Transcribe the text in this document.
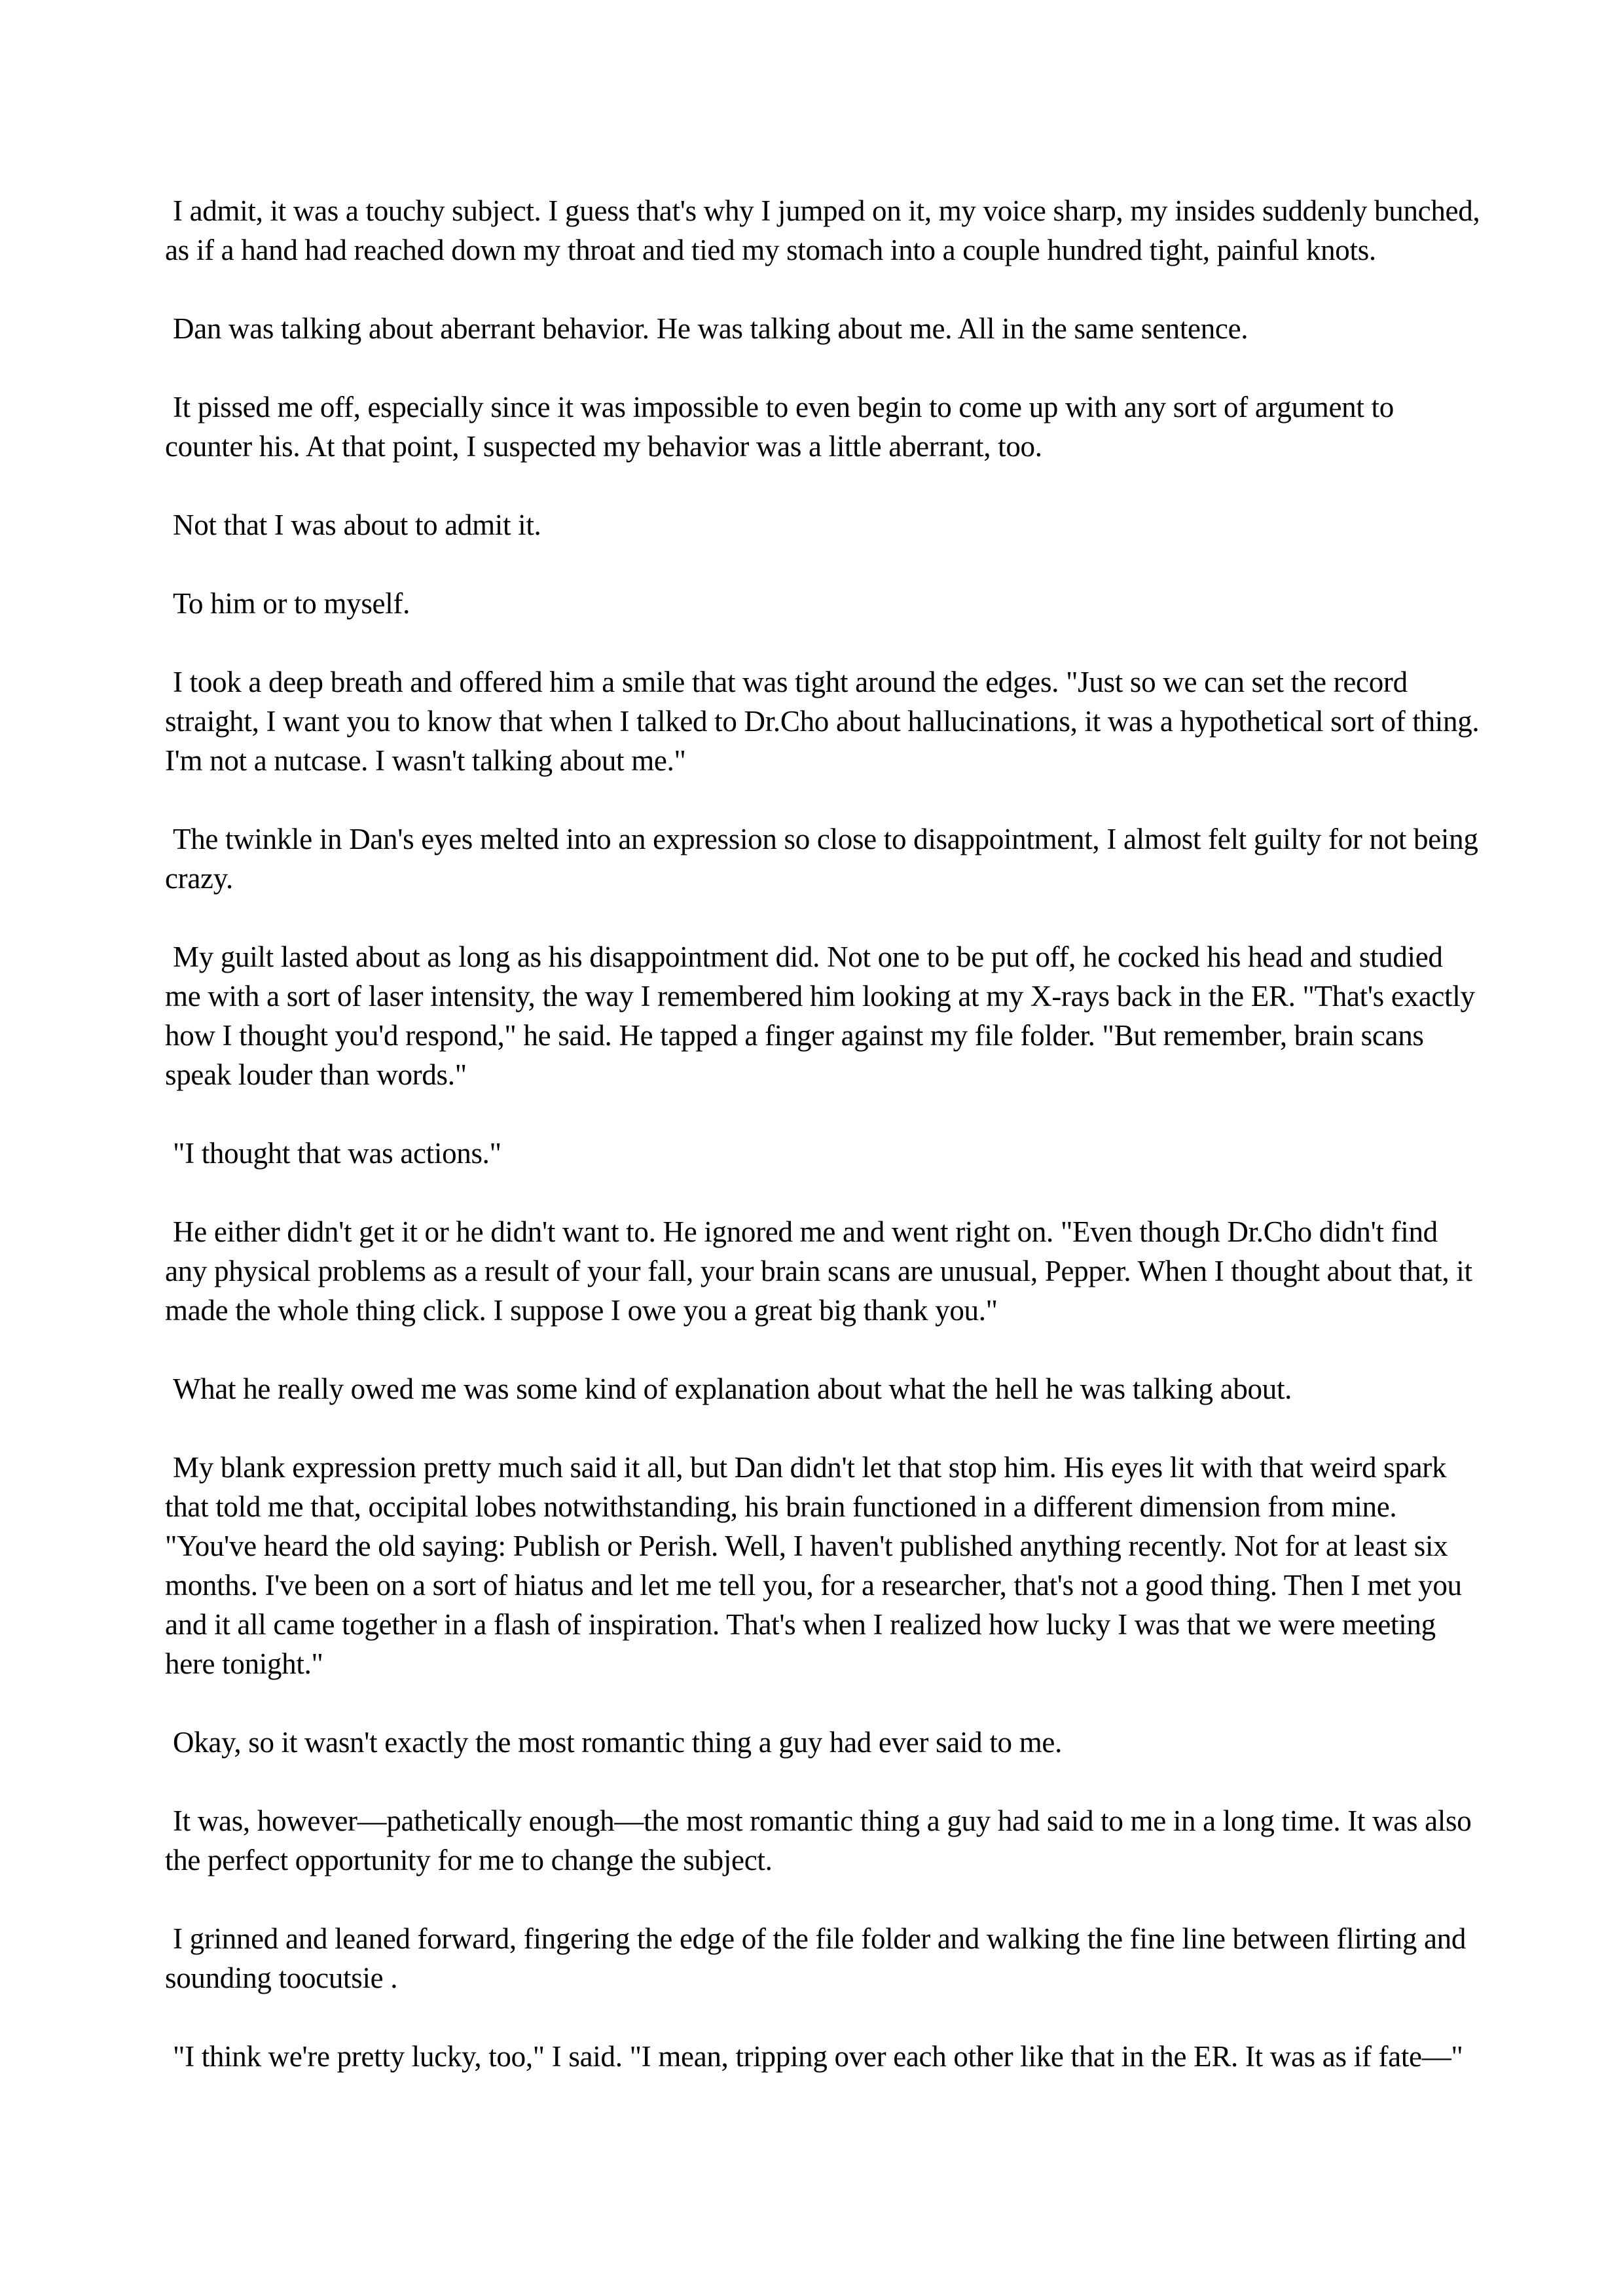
I admit, it was a touchy subject. I guess that's why I jumped on it, my voice sharp, my insides suddenly bunched, as if a hand had reached down my throat and tied my stomach into a couple hundred tight, painful knots.

Dan was talking about aberrant behavior. He was talking about me. All in the same sentence.

It pissed me off, especially since it was impossible to even begin to come up with any sort of argument to counter his. At that point, I suspected my behavior was a little aberrant, too.

Not that I was about to admit it.

To him or to myself.

I took a deep breath and offered him a smile that was tight around the edges. "Just so we can set the record straight, I want you to know that when I talked to Dr.Cho about hallucinations, it was a hypothetical sort of thing. I'm not a nutcase. I wasn't talking about me."

The twinkle in Dan's eyes melted into an expression so close to disappointment, I almost felt guilty for not being crazy.

My guilt lasted about as long as his disappointment did. Not one to be put off, he cocked his head and studied me with a sort of laser intensity, the way I remembered him looking at my X-rays back in the ER. "That's exactly how I thought you'd respond," he said. He tapped a finger against my file folder. "But remember, brain scans speak louder than words."

"I thought that was actions."

He either didn't get it or he didn't want to. He ignored me and went right on. "Even though Dr.Cho didn't find any physical problems as a result of your fall, your brain scans are unusual, Pepper. When I thought about that, it made the whole thing click. I suppose I owe you a great big thank you."

What he really owed me was some kind of explanation about what the hell he was talking about.

My blank expression pretty much said it all, but Dan didn't let that stop him. His eyes lit with that weird spark that told me that, occipital lobes notwithstanding, his brain functioned in a different dimension from mine. "You've heard the old saying: Publish or Perish. Well, I haven't published anything recently. Not for at least six months. I've been on a sort of hiatus and let me tell you, for a researcher, that's not a good thing. Then I met you and it all came together in a flash of inspiration. That's when I realized how lucky I was that we were meeting here tonight."

Okay, so it wasn't exactly the most romantic thing a guy had ever said to me.

It was, however—pathetically enough—the most romantic thing a guy had said to me in a long time. It was also the perfect opportunity for me to change the subject.

I grinned and leaned forward, fingering the edge of the file folder and walking the fine line between flirting and sounding toocutsie .

"I think we're pretty lucky, too," I said. "I mean, tripping over each other like that in the ER. It was as if fate—"
